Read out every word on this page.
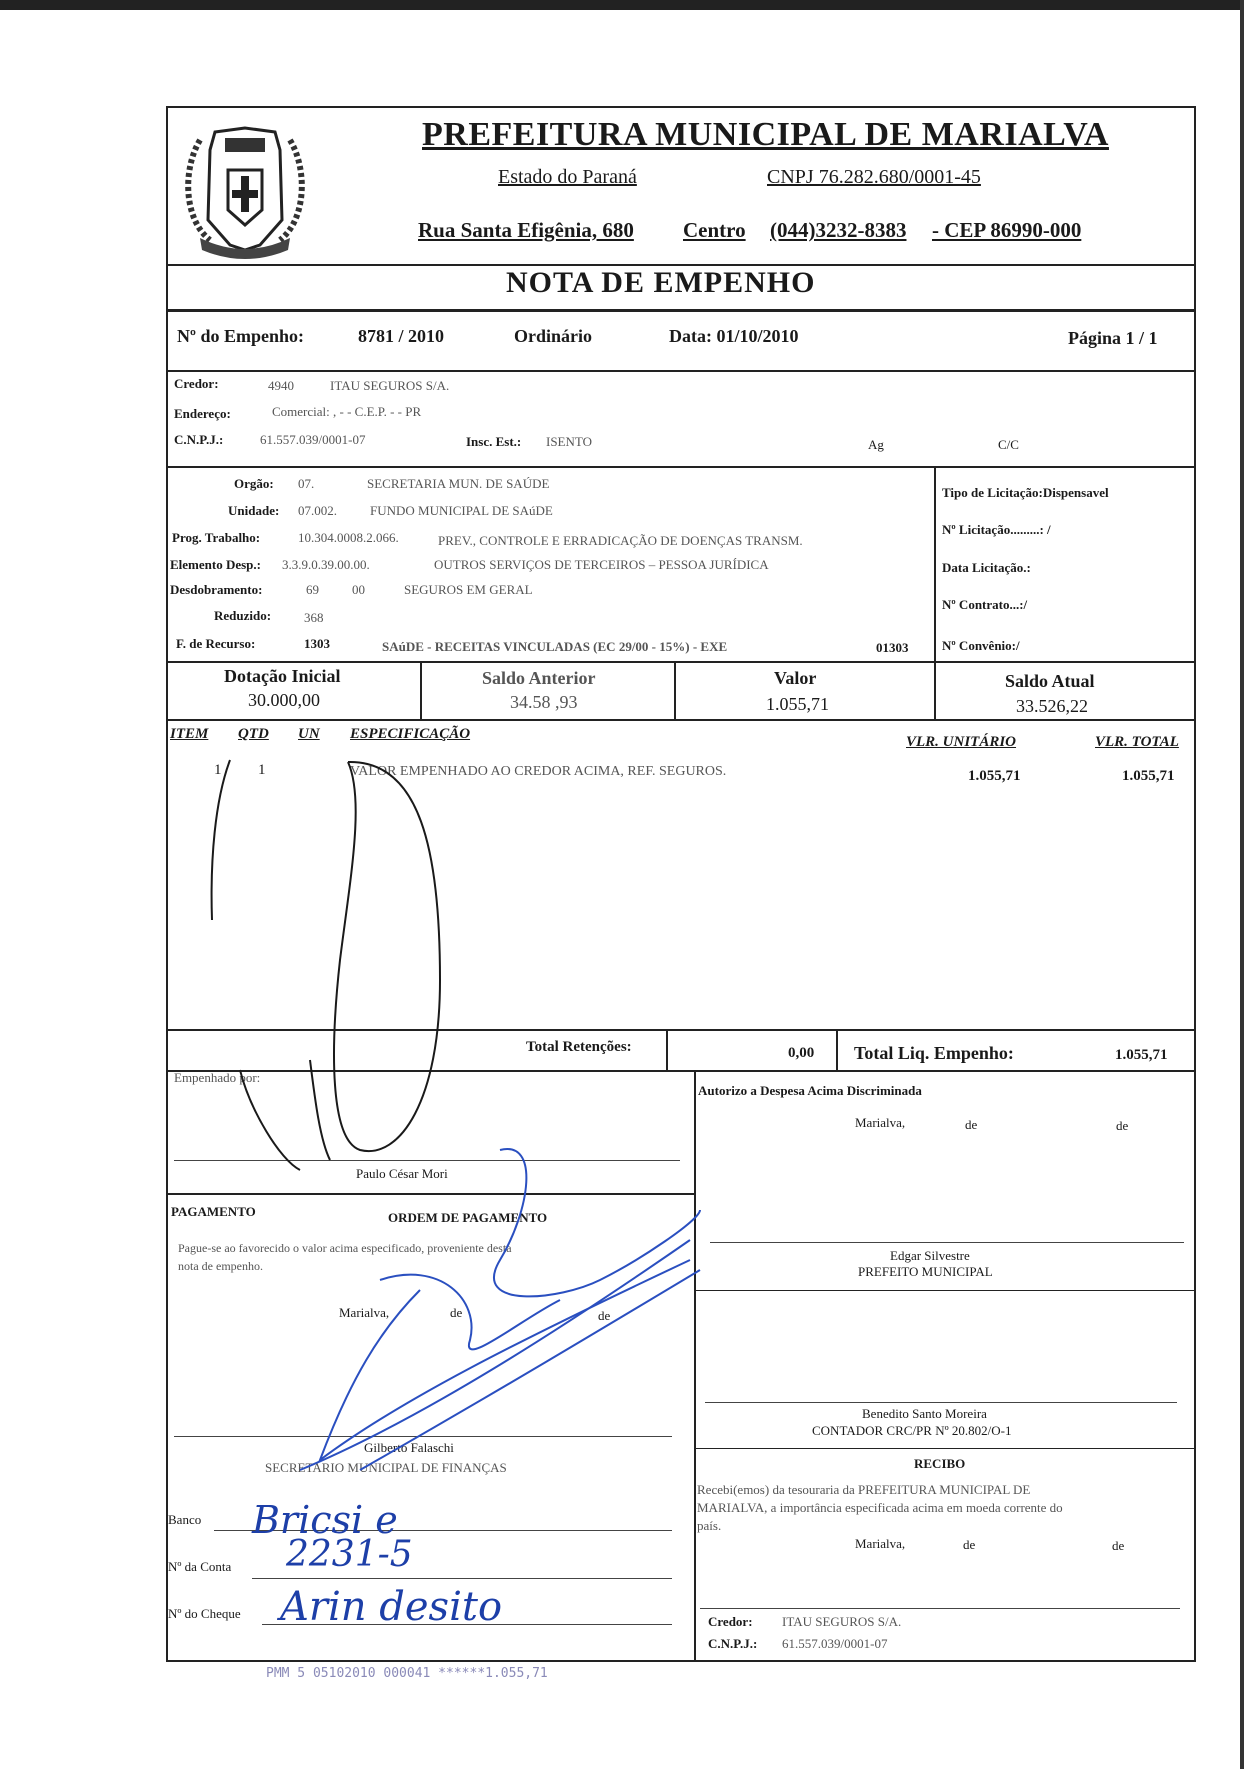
PREFEITURA MUNICIPAL DE MARIALVA
Estado do Paraná	CNPJ 76.282.680/0001-45
Rua Santa Efigênia, 680 Centro (044)3232-8383 - CEP 86990-000
NOTA DE EMPENHO
Nº do Empenho:	8781 / 2010	Ordinário	Data: 01/10/2010	Página 1 / 1
Credor:	4940	ITAU SEGUROS S/A.
Endereço:	Comercial: , - - C.E.P. - - PR
C.N.P.J.:	61.557.039/0001-07	Insc. Est.: ISENTO	Ag	C/C
Orgão: 07.	SECRETARIA MUN. DE SAÚDE
Unidade: 07.002.	FUNDO MUNICIPAL DE SAúDE
Prog. Trabalho:	10.304.0008.2.066.	PREV., CONTROLE E ERRADICAÇÃO DE DOENÇAS TRANSM.
Elemento Desp.: 3.3.9.0.39.00.00.	OUTROS SERVIÇOS DE TERCEIROS – PESSOA JURÍDICA
Desdobramento:	69	00	SEGUROS EM GERAL
Reduzido:	368
F. de Recurso:	1303	SAúDE - RECEITAS VINCULADAS (EC 29/00 - 15%) - EXE	01303
Tipo de Licitação:Dispensavel
Nº Licitação.........: /
Data Licitação.:
Nº Contrato...:/
Nº Convênio:/
Dotação Inicial
30.000,00
Saldo Anterior
34.58 ,93
Valor
1.055,71
Saldo Atual
33.526,22
ITEM QTD UN ESPECIFICAÇÃO	VLR. UNITÁRIO	VLR. TOTAL
1 1	VALOR EMPENHADO AO CREDOR ACIMA, REF. SEGUROS.	1.055,71	1.055,71
Total Retenções:	0,00 Total Liq. Empenho:	1.055,71
Empenhado por:
Paulo César Mori
PAGAMENTO	ORDEM DE PAGAMENTO
Pague-se ao favorecido o valor acima especificado, proveniente desta
nota de empenho.
Marialva,	de	de
Gilberto Falaschi
SECRETARIO MUNICIPAL DE FINANÇAS
Banco
Nº da Conta
Nº do Cheque
Bricsi e
2231-5
Arin desito
Autorizo a Despesa Acima Discriminada
Marialva,	de	de
Edgar Silvestre
PREFEITO MUNICIPAL
Benedito Santo Moreira
CONTADOR CRC/PR Nº 20.802/O-1
RECIBO
Recebi(emos) da tesouraria da PREFEITURA MUNICIPAL DE
MARIALVA, a importância especificada acima em moeda corrente do
país.
Marialva,	de	de
Credor: ITAU SEGUROS S/A.
C.N.P.J.: 61.557.039/0001-07
PMM 5 05102010 000041 ******1.055,71
